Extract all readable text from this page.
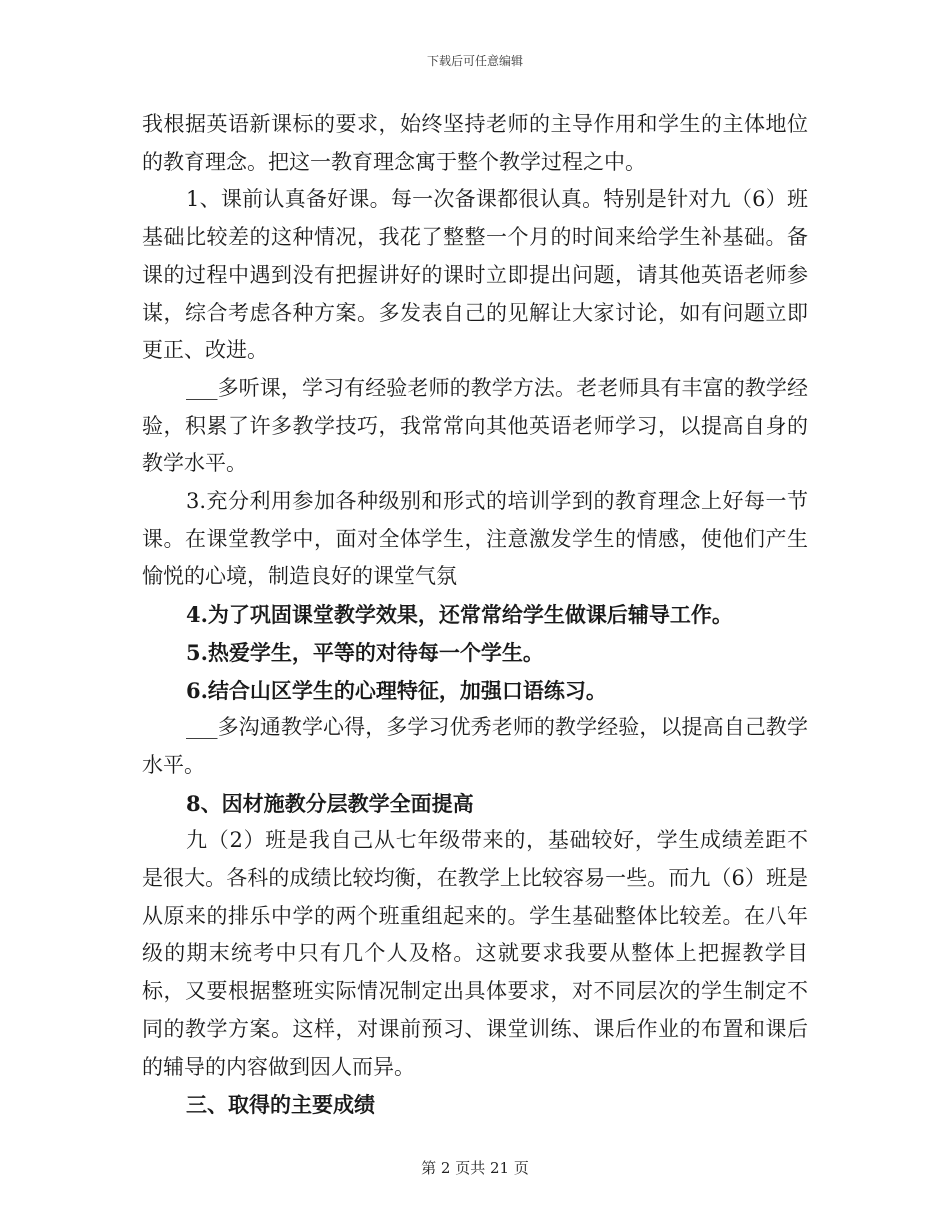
下载后可任意编辑

我根据英语新课标的要求，始终坚持老师的主导作用和学生的主体地位的教育理念。把这一教育理念寓于整个教学过程之中。

1、课前认真备好课。每一次备课都很认真。特别是针对九（6）班基础比较差的这种情况，我花了整整一个月的时间来给学生补基础。备课的过程中遇到没有把握讲好的课时立即提出问题，请其他英语老师参谋，综合考虑各种方案。多发表自己的见解让大家讨论，如有问题立即更正、改进。

___多听课，学习有经验老师的教学方法。老老师具有丰富的教学经验，积累了许多教学技巧，我常常向其他英语老师学习，以提高自身的教学水平。

3.充分利用参加各种级别和形式的培训学到的教育理念上好每一节课。在课堂教学中，面对全体学生，注意激发学生的情感，使他们产生愉悦的心境，制造良好的课堂气氛

4.为了巩固课堂教学效果，还常常给学生做课后辅导工作。

5.热爱学生，平等的对待每一个学生。

6.结合山区学生的心理特征，加强口语练习。

___多沟通教学心得，多学习优秀老师的教学经验，以提高自己教学水平。

8、因材施教分层教学全面提高

九（2）班是我自己从七年级带来的，基础较好，学生成绩差距不是很大。各科的成绩比较均衡，在教学上比较容易一些。而九（6）班是从原来的排乐中学的两个班重组起来的。学生基础整体比较差。在八年级的期末统考中只有几个人及格。这就要求我要从整体上把握教学目标，又要根据整班实际情况制定出具体要求，对不同层次的学生制定不同的教学方案。这样，对课前预习、课堂训练、课后作业的布置和课后的辅导的内容做到因人而异。

三、取得的主要成绩

第 2 页共 21 页
